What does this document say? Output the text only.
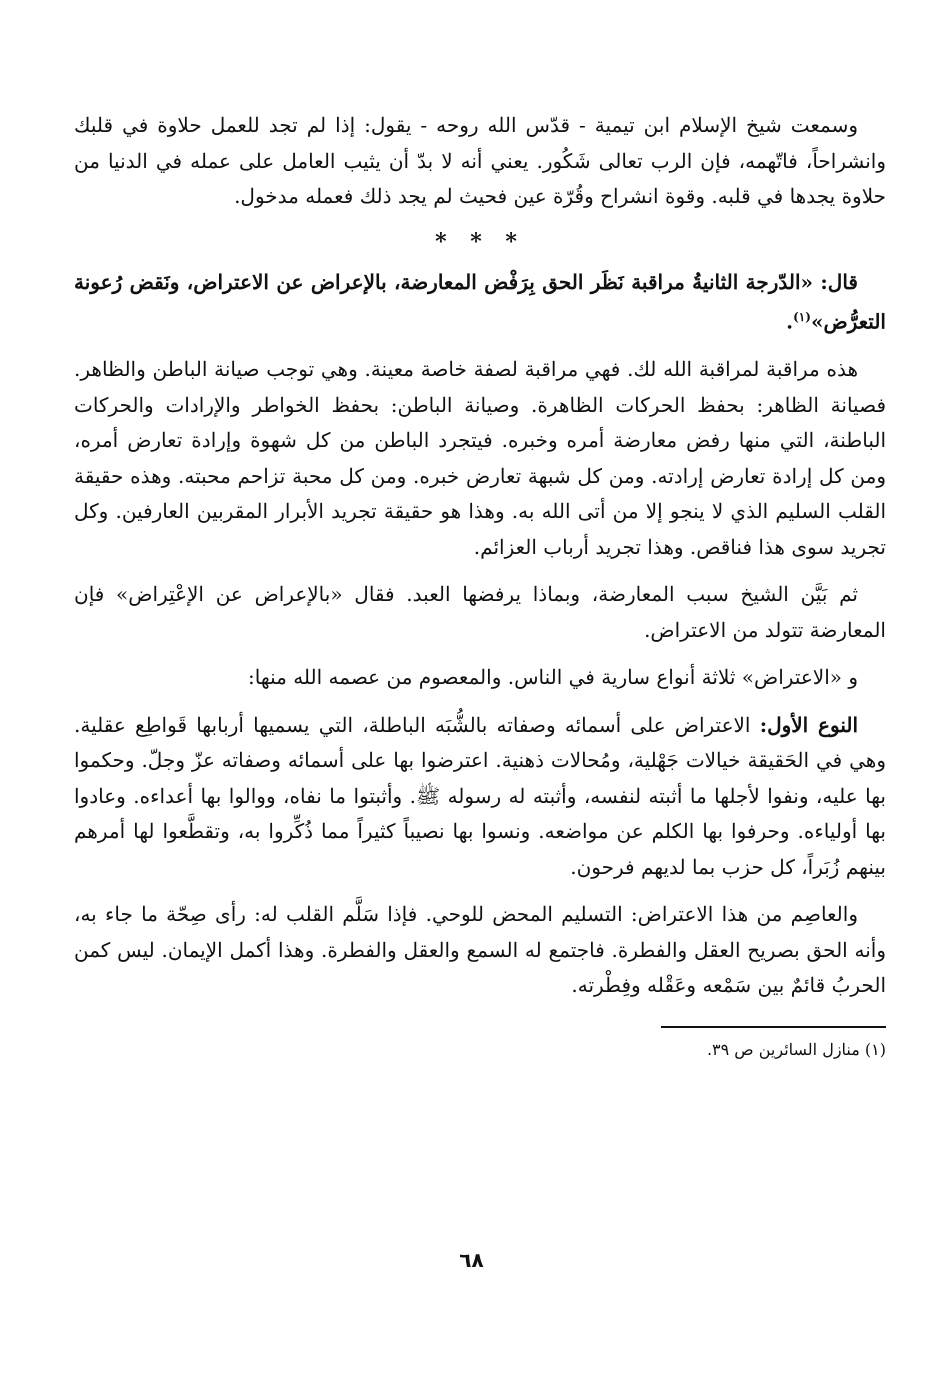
وسمعت شيخ الإسلام ابن تيمية - قدّس الله روحه - يقول: إذا لم تجد للعمل حلاوة في قلبك وانشراحاً، فاتّهمه، فإن الرب تعالى شَكُور. يعني أنه لا بدّ أن يثيب العامل على عمله في الدنيا من حلاوة يجدها في قلبه. وقوة انشراح وقُرّة عين فحيث لم يجد ذلك فعمله مدخول.

* * *

قال: «الدّرجة الثانيةُ مراقبة نَظَر الحق بِرَفْض المعارضة، بالإعراض عن الاعتراض، ونَقض رُعونة التعرُّض»$^{(١)}$.

هذه مراقبة لمراقبة الله لك. فهي مراقبة لصفة خاصة معينة. وهي توجب صيانة الباطن والظاهر. فصيانة الظاهر: بحفظ الحركات الظاهرة. وصيانة الباطن: بحفظ الخواطر والإرادات والحركات الباطنة، التي منها رفض معارضة أمره وخبره. فيتجرد الباطن من كل شهوة وإرادة تعارض أمره، ومن كل إرادة تعارض إرادته. ومن كل شبهة تعارض خبره. ومن كل محبة تزاحم محبته. وهذه حقيقة القلب السليم الذي لا ينجو إلا من أتى الله به. وهذا هو حقيقة تجريد الأبرار المقربين العارفين. وكل تجريد سوى هذا فناقص. وهذا تجريد أرباب العزائم.

ثم بَيَّن الشيخ سبب المعارضة، وبماذا يرفضها العبد. فقال «بالإعراض عن الإعْتِراض» فإن المعارضة تتولد من الاعتراض.

و «الاعتراض» ثلاثة أنواع سارية في الناس. والمعصوم من عصمه الله منها:

النوع الأول: الاعتراض على أسمائه وصفاته بالشُّبَه الباطلة، التي يسميها أربابها قَواطِع عقلية. وهي في الحَقيقة خيالات جَهْلية، ومُحالات ذهنية. اعترضوا بها على أسمائه وصفاته عزّ وجلّ. وحكموا بها عليه، ونفوا لأجلها ما أثبته لنفسه، وأثبته له رسوله ﷺ. وأثبتوا ما نفاه، ووالوا بها أعداءه. وعادوا بها أولياءه. وحرفوا بها الكلم عن مواضعه. ونسوا بها نصيباً كثيراً مما ذُكِّروا به، وتقطَّعوا لها أمرهم بينهم زُبَراً، كل حزب بما لديهم فرحون.

والعاصِم من هذا الاعتراض: التسليم المحض للوحي. فإذا سَلَّم القلب له: رأى صِحّة ما جاء به، وأنه الحق بصريح العقل والفطرة. فاجتمع له السمع والعقل والفطرة. وهذا أكمل الإيمان. ليس كمن الحربُ قائمٌ بين سَمْعه وعَقْله وفِطْرته.

(١) منازل السائرين ص ٣٩.

٦٨
